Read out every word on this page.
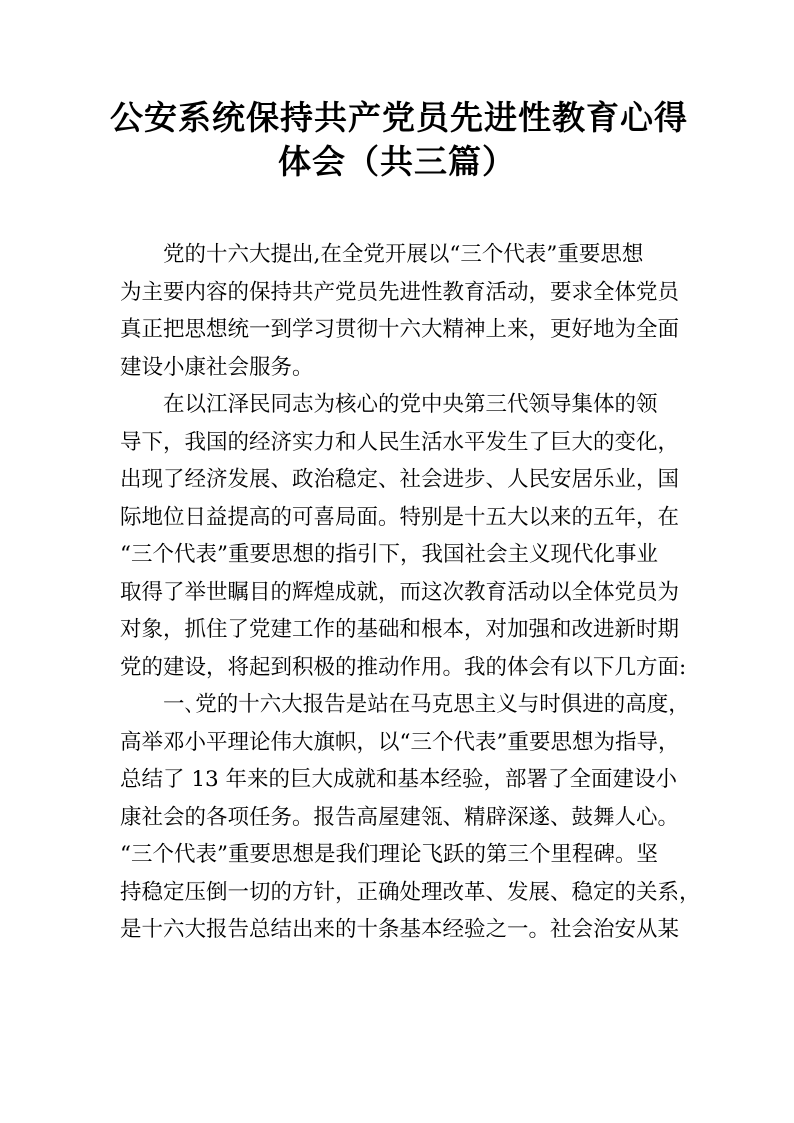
公安系统保持共产党员先进性教育心得
体会（共三篇）
党的十六大提出,在全党开展以“三个代表”重要思想
为主要内容的保持共产党员先进性教育活动，要求全体党员
真正把思想统一到学习贯彻十六大精神上来，更好地为全面
建设小康社会服务。
在以江泽民同志为核心的党中央第三代领导集体的领
导下，我国的经济实力和人民生活水平发生了巨大的变化，
出现了经济发展、政治稳定、社会进步、人民安居乐业，国
际地位日益提高的可喜局面。特别是十五大以来的五年，在
“三个代表”重要思想的指引下，我国社会主义现代化事业
取得了举世瞩目的辉煌成就，而这次教育活动以全体党员为
对象，抓住了党建工作的基础和根本，对加强和改进新时期
党的建设，将起到积极的推动作用。我的体会有以下几方面:
一､党的十六大报告是站在马克思主义与时俱进的高度，
高举邓小平理论伟大旗帜，以“三个代表”重要思想为指导，
总结了 13 年来的巨大成就和基本经验，部署了全面建设小
康社会的各项任务。报告高屋建瓴、精辟深遂、鼓舞人心。
“三个代表”重要思想是我们理论飞跃的第三个里程碑。坚
持稳定压倒一切的方针，正确处理改革、发展、稳定的关系，
是十六大报告总结出来的十条基本经验之一。社会治安从某
